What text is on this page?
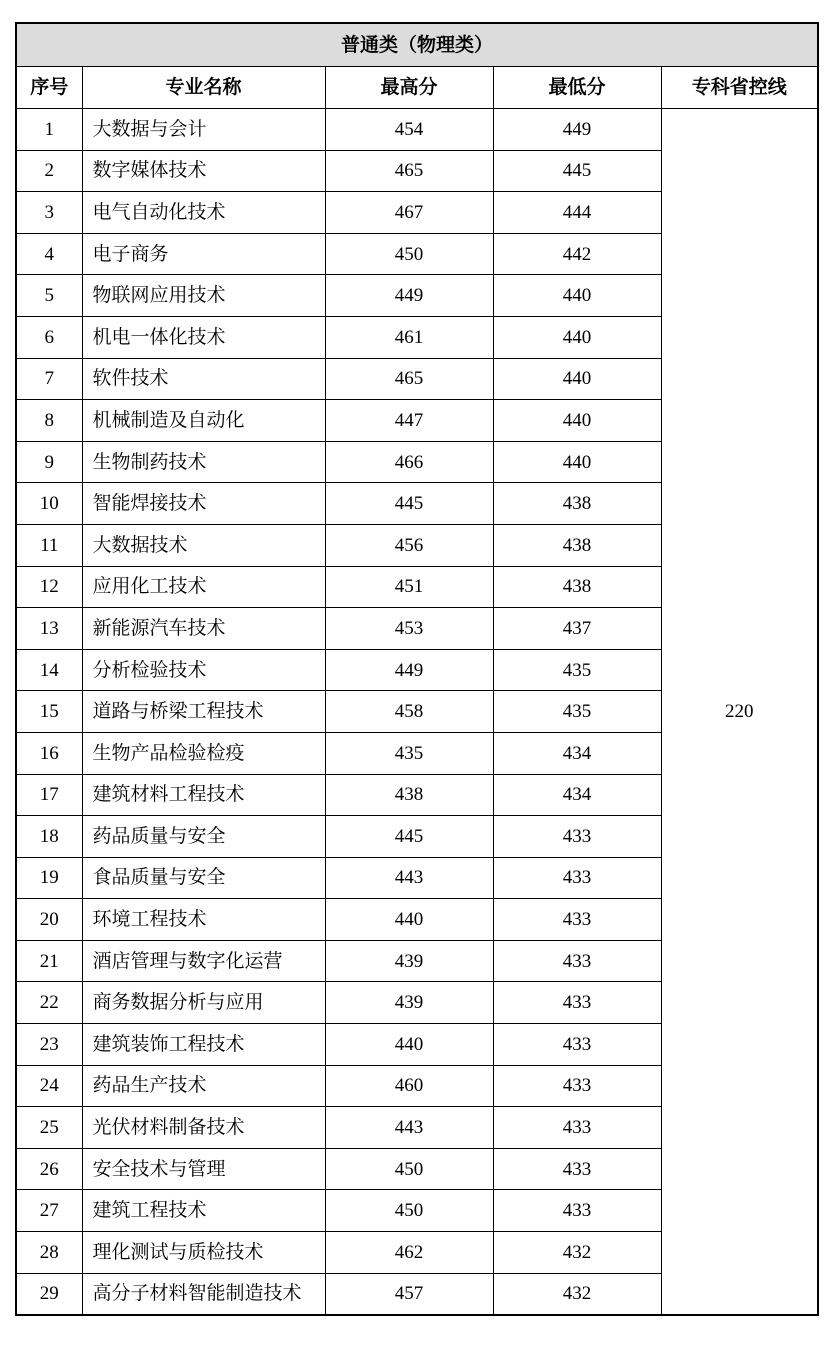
普通类（物理类）				
序号	专业名称	最高分	最低分	专科省控线
1	大数据与会计	454	449	220
2	数字媒体技术	465	445	
3	电气自动化技术	467	444	
4	电子商务	450	442	
5	物联网应用技术	449	440	
6	机电一体化技术	461	440	
7	软件技术	465	440	
8	机械制造及自动化	447	440	
9	生物制药技术	466	440	
10	智能焊接技术	445	438	
11	大数据技术	456	438	
12	应用化工技术	451	438	
13	新能源汽车技术	453	437	
14	分析检验技术	449	435	
15	道路与桥梁工程技术	458	435	
16	生物产品检验检疫	435	434	
17	建筑材料工程技术	438	434	
18	药品质量与安全	445	433	
19	食品质量与安全	443	433	
20	环境工程技术	440	433	
21	酒店管理与数字化运营	439	433	
22	商务数据分析与应用	439	433	
23	建筑装饰工程技术	440	433	
24	药品生产技术	460	433	
25	光伏材料制备技术	443	433	
26	安全技术与管理	450	433	
27	建筑工程技术	450	433	
28	理化测试与质检技术	462	432	
29	高分子材料智能制造技术	457	432	
